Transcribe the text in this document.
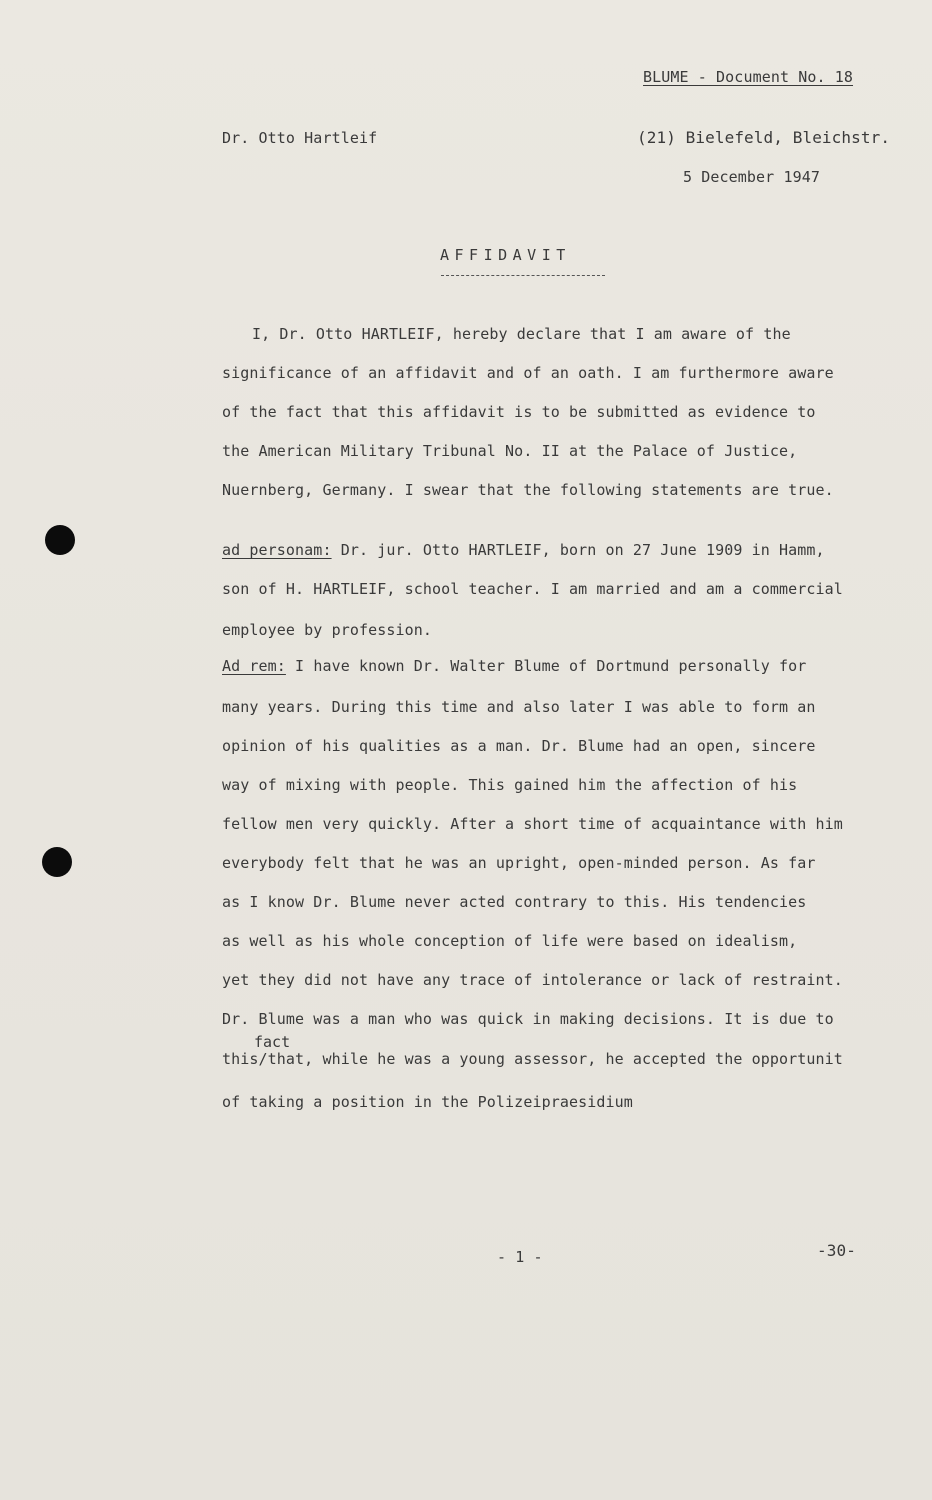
BLUME - Document No. 18
Dr. Otto Hartleif	(21) Bielefeld, Bleichstr.
5 December 1947
AFFIDAVIT
I, Dr. Otto HARTLEIF, hereby declare that I am aware of the
significance of an affidavit and of an oath. I am furthermore aware
of the fact that this affidavit is to be submitted as evidence to
the American Military Tribunal No. II at the Palace of Justice,
Nuernberg, Germany. I swear that the following statements are true.
ad personam: Dr. jur. Otto HARTLEIF, born on 27 June 1909 in Hamm,
son of H. HARTLEIF, school teacher. I am married and am a commercial
employee by profession.
Ad rem: I have known Dr. Walter Blume of Dortmund personally for
many years. During this time and also later I was able to form an
opinion of his qualities as a man. Dr. Blume had an open, sincere
way of mixing with people. This gained him the affection of his
fellow men very quickly. After a short time of acquaintance with him
everybody felt that he was an upright, open-minded person. As far
as I know Dr. Blume never acted contrary to this. His tendencies
as well as his whole conception of life were based on idealism,
yet they did not have any trace of intolerance or lack of restraint.
Dr. Blume was a man who was quick in making decisions. It is due to
fact
this/that, while he was a young assessor, he accepted the opportunit
of taking a position in the Polizeipraesidium
- 1 -	-30-
